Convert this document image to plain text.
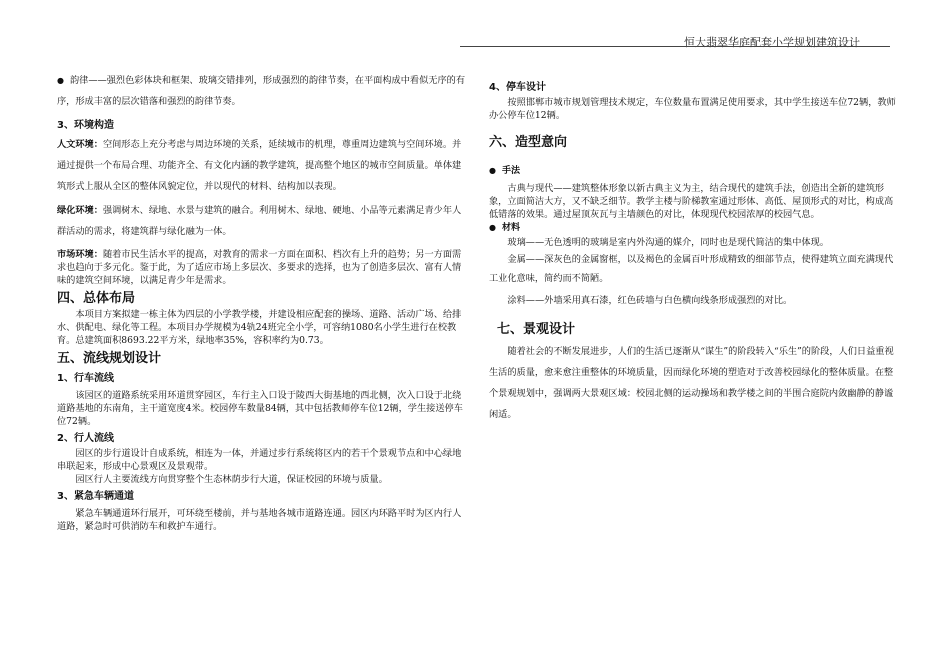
恒大翡翠华庭配套小学规划建筑设计

● 韵律——强烈色彩体块和框架、玻璃交错排列，形成强烈的韵律节奏，在平面构成中看似无序的有序，形成丰富的层次错落和强烈的韵律节奏。

3、环境构造

人文环境：空间形态上充分考虑与周边环境的关系，延续城市的机理，尊重周边建筑与空间环境。并通过提供一个布局合理、功能齐全、有文化内涵的教学建筑，提高整个地区的城市空间质量。单体建筑形式上服从全区的整体风貌定位，并以现代的材料、结构加以表现。

绿化环境：强调树木、绿地、水景与建筑的融合。利用树木、绿地、硬地、小品等元素满足青少年人群活动的需求，将建筑群与绿化融为一体。

市场环境：随着市民生活水平的提高，对教育的需求一方面在面积、档次有上升的趋势；另一方面需求也趋向于多元化。鉴于此，为了适应市场上多层次、多要求的选择，也为了创造多层次、富有人情味的建筑空间环境，以满足青少年是需求。

四、总体布局

本项目方案拟建一栋主体为四层的小学教学楼，并建设相应配套的操场、道路、活动广场、给排水、供配电、绿化等工程。本项目办学规模为4轨24班完全小学，可容纳1080名小学生进行在校教育。总建筑面积8693.22平方米，绿地率35%，容积率约为0.73。

五、流线规划设计
1、行车流线

该园区的道路系统采用环道贯穿园区，车行主入口设于陵西大街基地的西北侧，次入口设于北绕道路基地的东南角，主干道宽度4米。校园停车数量84辆，其中包括教师停车位12辆，学生接送停车位72辆。

2、行人流线

园区的步行道设计自成系统，相连为一体，并通过步行系统将区内的若干个景观节点和中心绿地串联起来，形成中心景观区及景观带。

园区行人主要流线方向贯穿整个生态林荫步行大道，保证校园的环境与质量。

3、紧急车辆通道

紧急车辆通道环行展开，可环绕至楼前，并与基地各城市道路连通。园区内环路平时为区内行人道路，紧急时可供消防车和救护车通行。

4、停车设计

按照邯郸市城市规划管理技术规定，车位数量布置满足使用要求，其中学生接送车位72辆，教师办公停车位12辆。

六、造型意向

● 手法

古典与现代——建筑整体形象以新古典主义为主，结合现代的建筑手法，创造出全新的建筑形象，立面简洁大方，又不缺乏细节。教学主楼与阶梯教室通过形体、高低、屋顶形式的对比，构成高低错落的效果。通过屋顶灰瓦与主墙颜色的对比，体现现代校园浓厚的校园气息。

● 材料

玻璃——无色透明的玻璃是室内外沟通的媒介，同时也是现代简洁的集中体现。

金属——深灰色的金属窗框，以及褐色的金属百叶形成精致的细部节点，使得建筑立面充满现代工业化意味，简约而不简陋。

涂料——外墙采用真石漆，红色砖墙与白色横向线条形成强烈的对比。

七、景观设计

随着社会的不断发展进步，人们的生活已逐渐从“谋生”的阶段转入“乐生”的阶段，人们日益重视生活的质量，愈来愈注重整体的环境质量，因而绿化环境的塑造对于改善校园绿化的整体质量。在整个景观规划中，强调两大景观区域：校园北侧的运动操场和教学楼之间的半围合庭院内敛幽静的静谧闲适。
